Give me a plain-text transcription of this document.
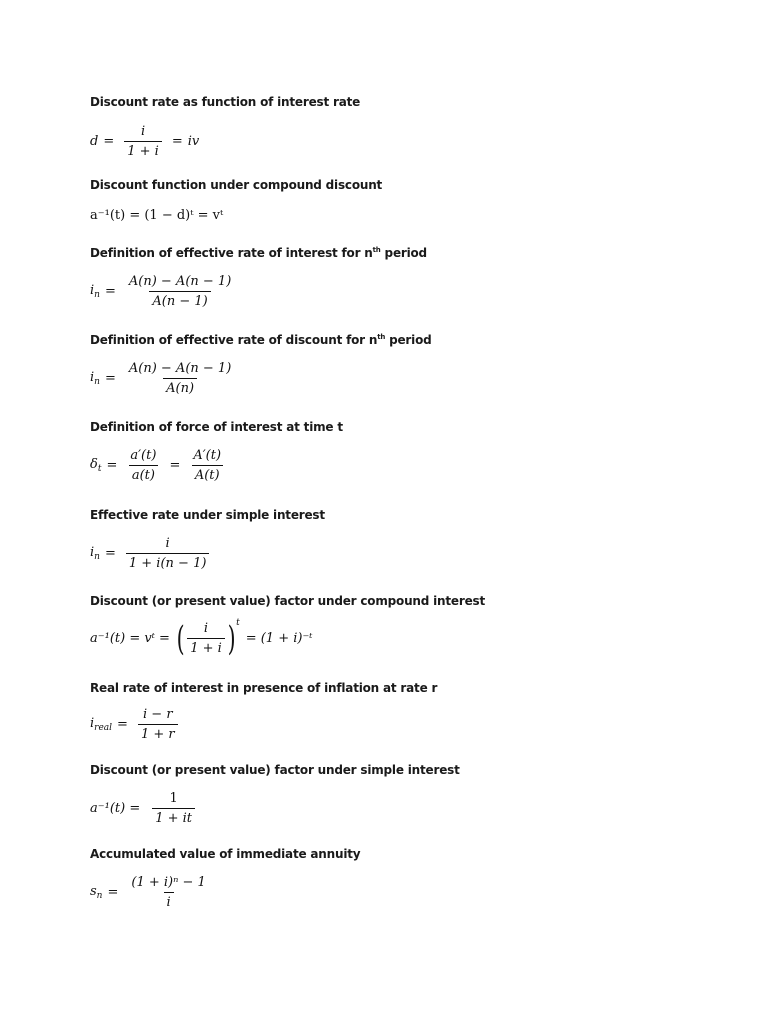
Discount rate as function of interest rate
$d = \frac{i}{1 + i}$ = iv
Discount function under compound discount
a⁻¹(t) = (1 − d)ᵗ = vᵗ
Definition of effective rate of interest for $n^{th}$ period
$i_n = \frac{A(n) - A(n - 1)}{A(n - 1)}$
Definition of effective rate of discount for $n^{th}$ period
$i_n = \frac{A(n) - A(n - 1)}{A(n)}$
Definition of force of interest at time t
$\delta_t = \frac{a'(t)}{a(t)} = \frac{A'(t)}{A(t)}$
Effective rate under simple interest
$i_n = \frac{i}{1 + i(n - 1)}$
Discount (or present value) factor under compound interest
a⁻¹(t) = vᵗ = ( $\frac{i}{1 + i}$ ) t
= (1 + i)⁻ᵗ
Real rate of interest in presence of inflation at rate r
$i_{real} = \frac{i - r}{1 + r}$
Discount (or present value) factor under simple interest
$a^{-1}(t) = \frac{1}{1 + it}$
Accumulated value of immediate annuity
$s_n = \frac{\text{(1 + i)ⁿ − 1}}{i}$
